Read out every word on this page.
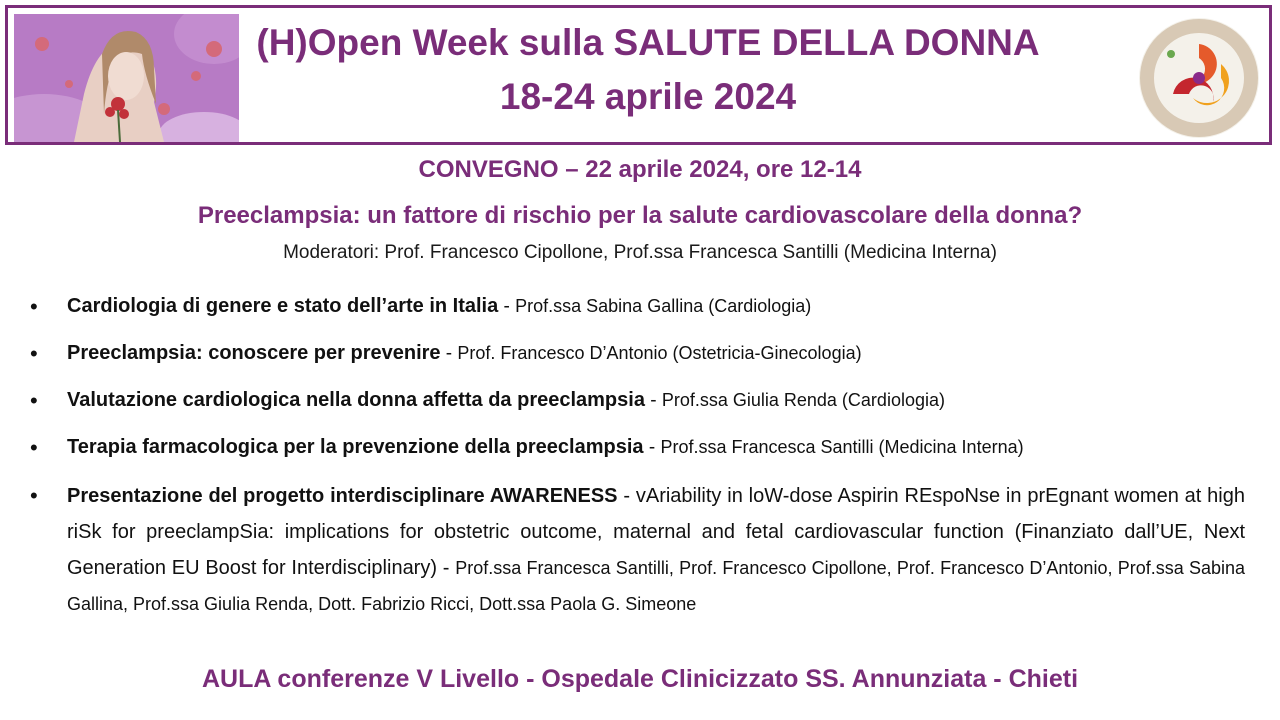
(H)Open Week sulla SALUTE DELLA DONNA
18-24 aprile 2024
CONVEGNO – 22 aprile 2024, ore 12-14
Preeclampsia: un fattore di rischio per la salute cardiovascolare della donna?
Moderatori: Prof. Francesco Cipollone, Prof.ssa Francesca Santilli (Medicina Interna)
• Cardiologia di genere e stato dell’arte in Italia - Prof.ssa Sabina Gallina (Cardiologia)
• Preeclampsia: conoscere per prevenire - Prof. Francesco D’Antonio (Ostetricia-Ginecologia)
• Valutazione cardiologica nella donna affetta da preeclampsia - Prof.ssa Giulia Renda (Cardiologia)
• Terapia farmacologica per la prevenzione della preeclampsia - Prof.ssa Francesca Santilli (Medicina Interna)
• Presentazione del progetto interdisciplinare AWARENESS - vAriability in loW-dose Aspirin REspoNse in prEgnant women at high riSk for preeclampSia: implications for obstetric outcome, maternal and fetal cardiovascular function (Finanziato dall’UE, Next Generation EU Boost for Interdisciplinary) - Prof.ssa Francesca Santilli, Prof. Francesco Cipollone, Prof. Francesco D’Antonio, Prof.ssa Sabina Gallina, Prof.ssa Giulia Renda, Dott. Fabrizio Ricci, Dott.ssa Paola G. Simeone
AULA conferenze V Livello - Ospedale Clinicizzato SS. Annunziata - Chieti
